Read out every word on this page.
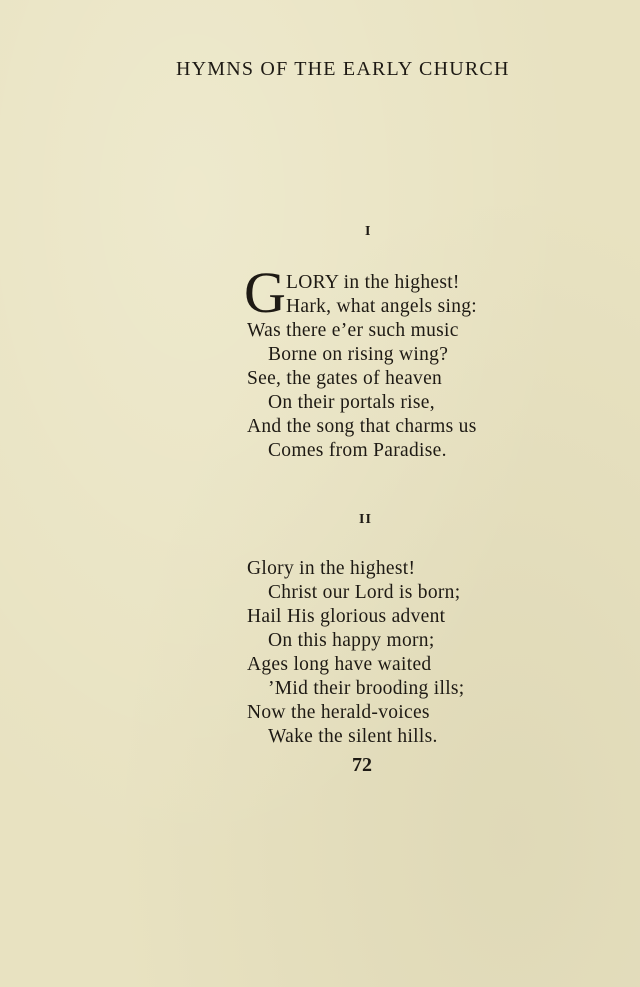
HYMNS OF THE EARLY CHURCH
I
G LORY in the highest!
Hark, what angels sing:
Was there e’er such music
Borne on rising wing?
See, the gates of heaven
On their portals rise,
And the song that charms us
Comes from Paradise.
II
Glory in the highest!
Christ our Lord is born;
Hail His glorious advent
On this happy morn;
Ages long have waited
’Mid their brooding ills;
Now the herald-voices
Wake the silent hills.
72
